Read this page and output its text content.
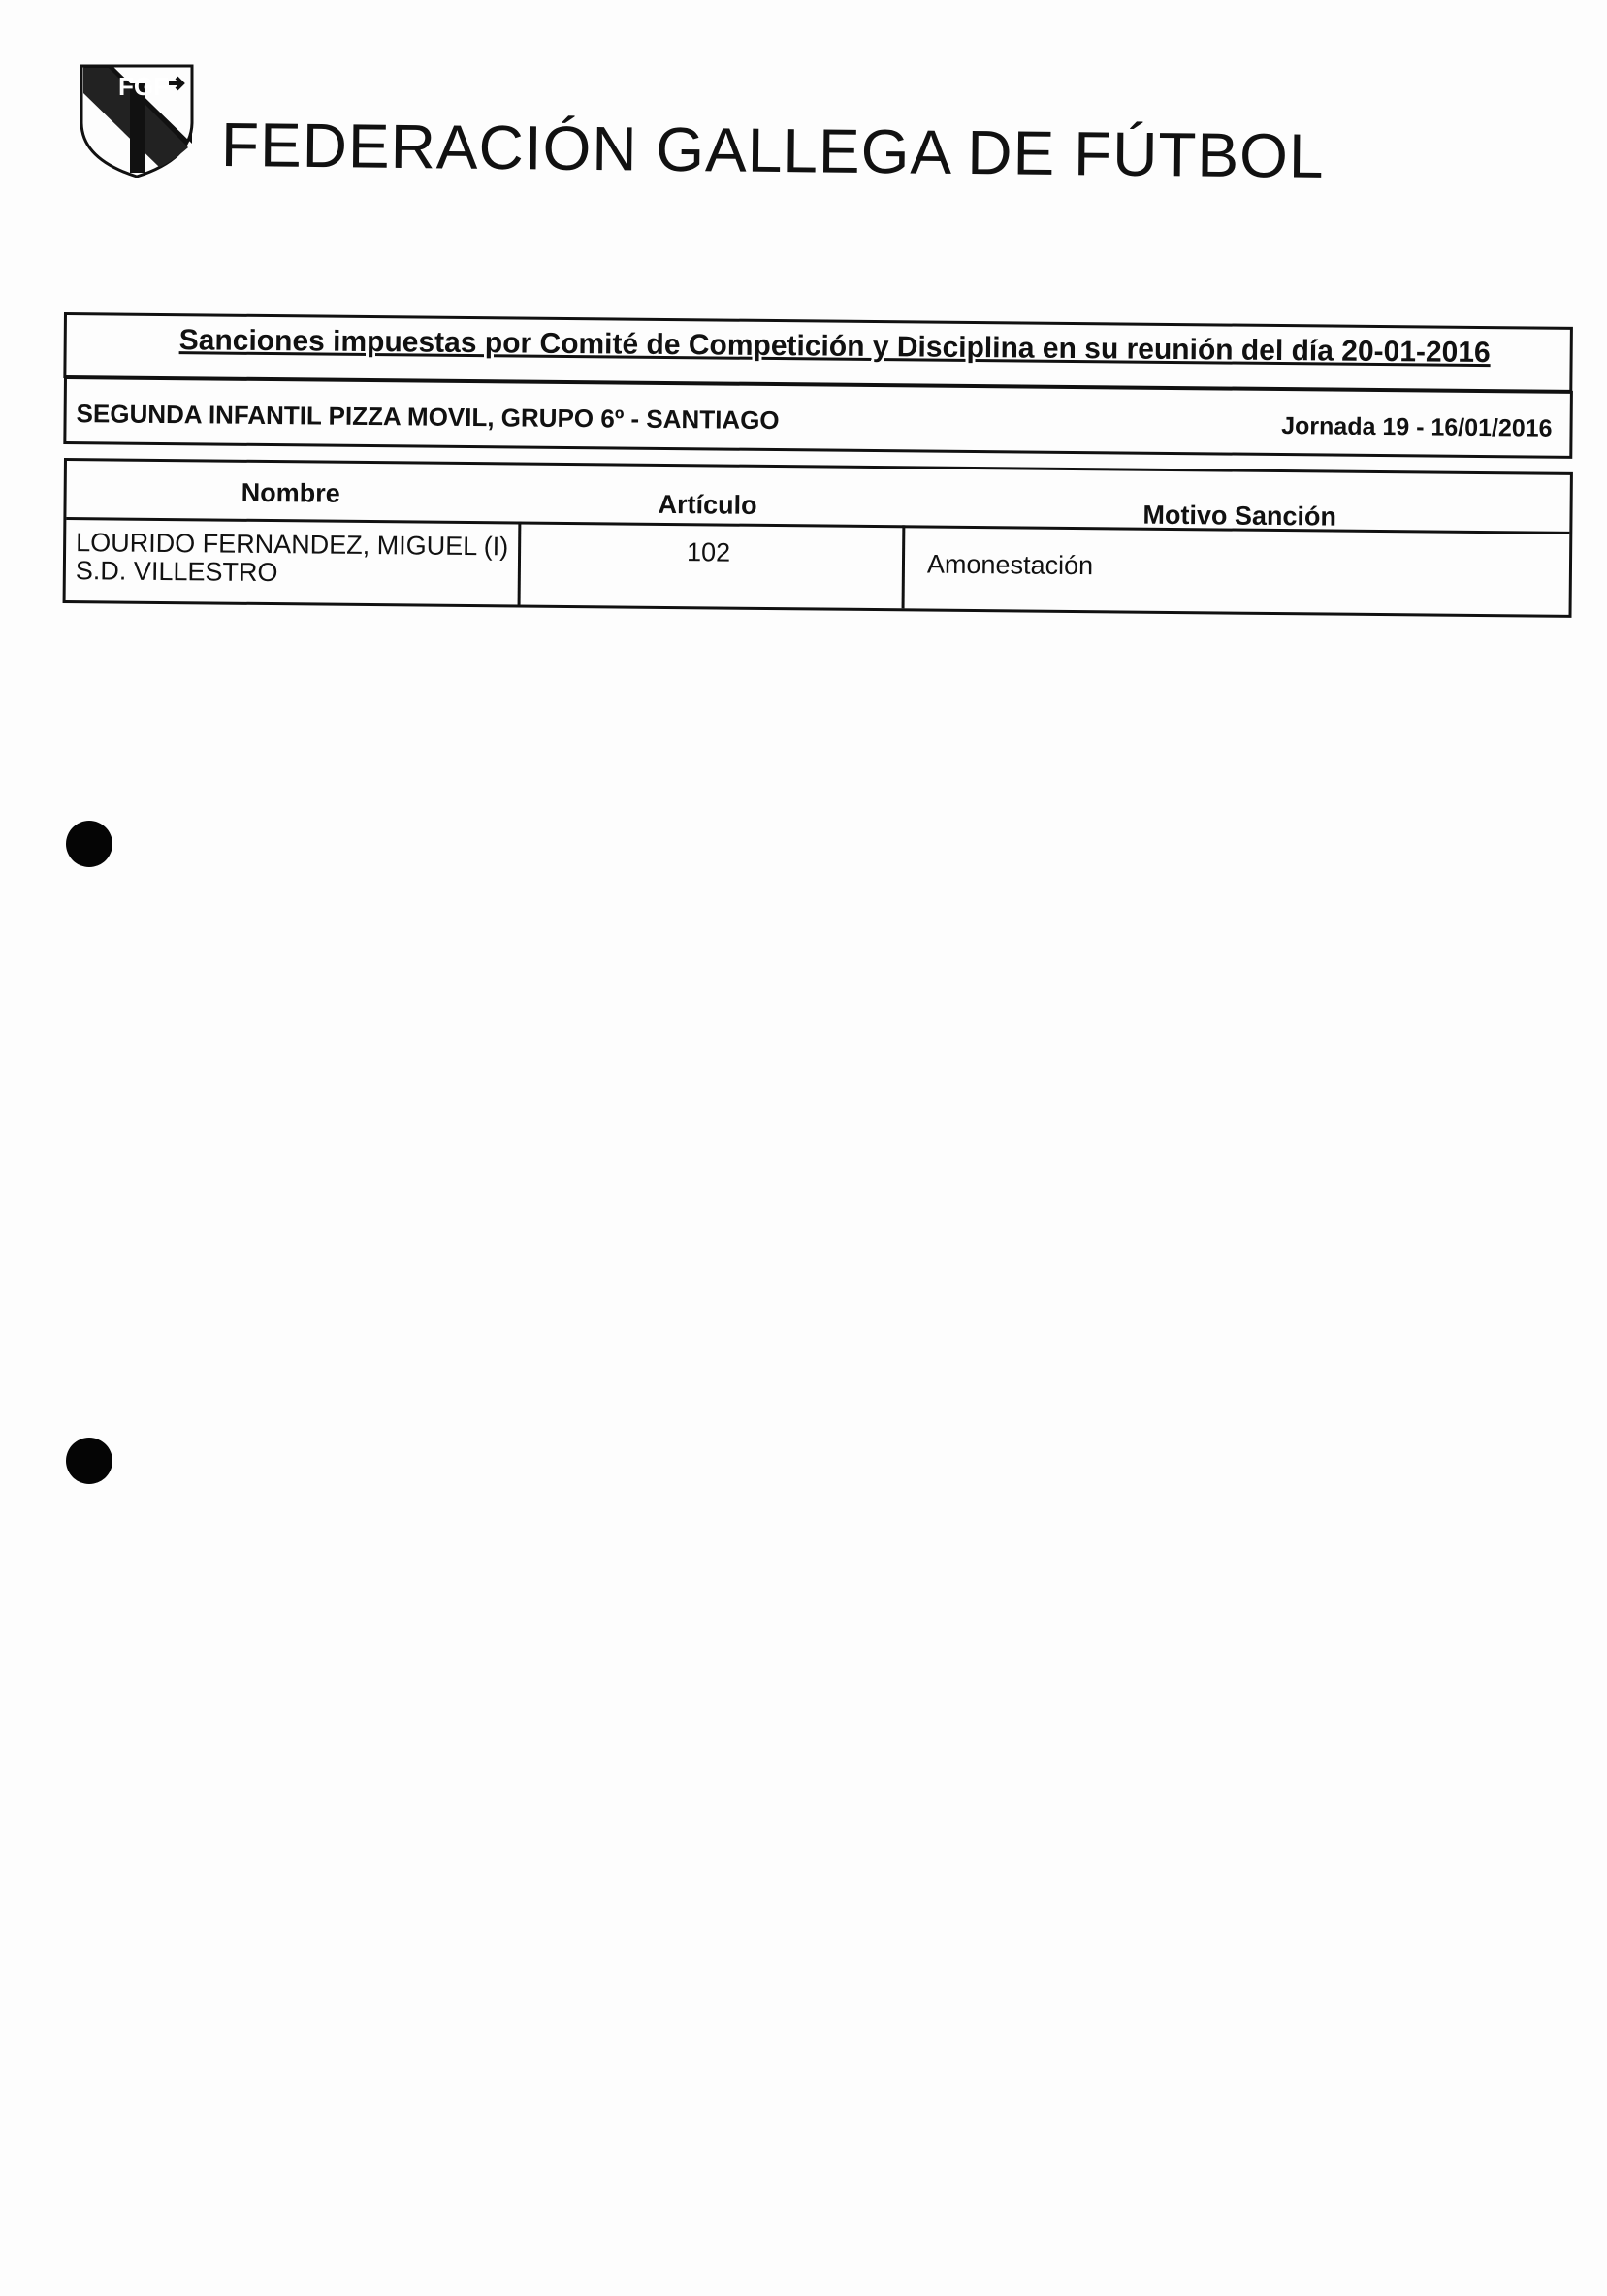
FGF
FEDERACIÓN GALLEGA DE FÚTBOL
Sanciones impuestas por Comité de Competición y Disciplina en su reunión del día 20-01-2016
SEGUNDA INFANTIL PIZZA MOVIL, GRUPO 6º - SANTIAGO	Jornada 19 - 16/01/2016
Nombre	Artículo	Motivo Sanción
LOURIDO FERNANDEZ, MIGUEL (I)
S.D. VILLESTRO
102	Amonestación
